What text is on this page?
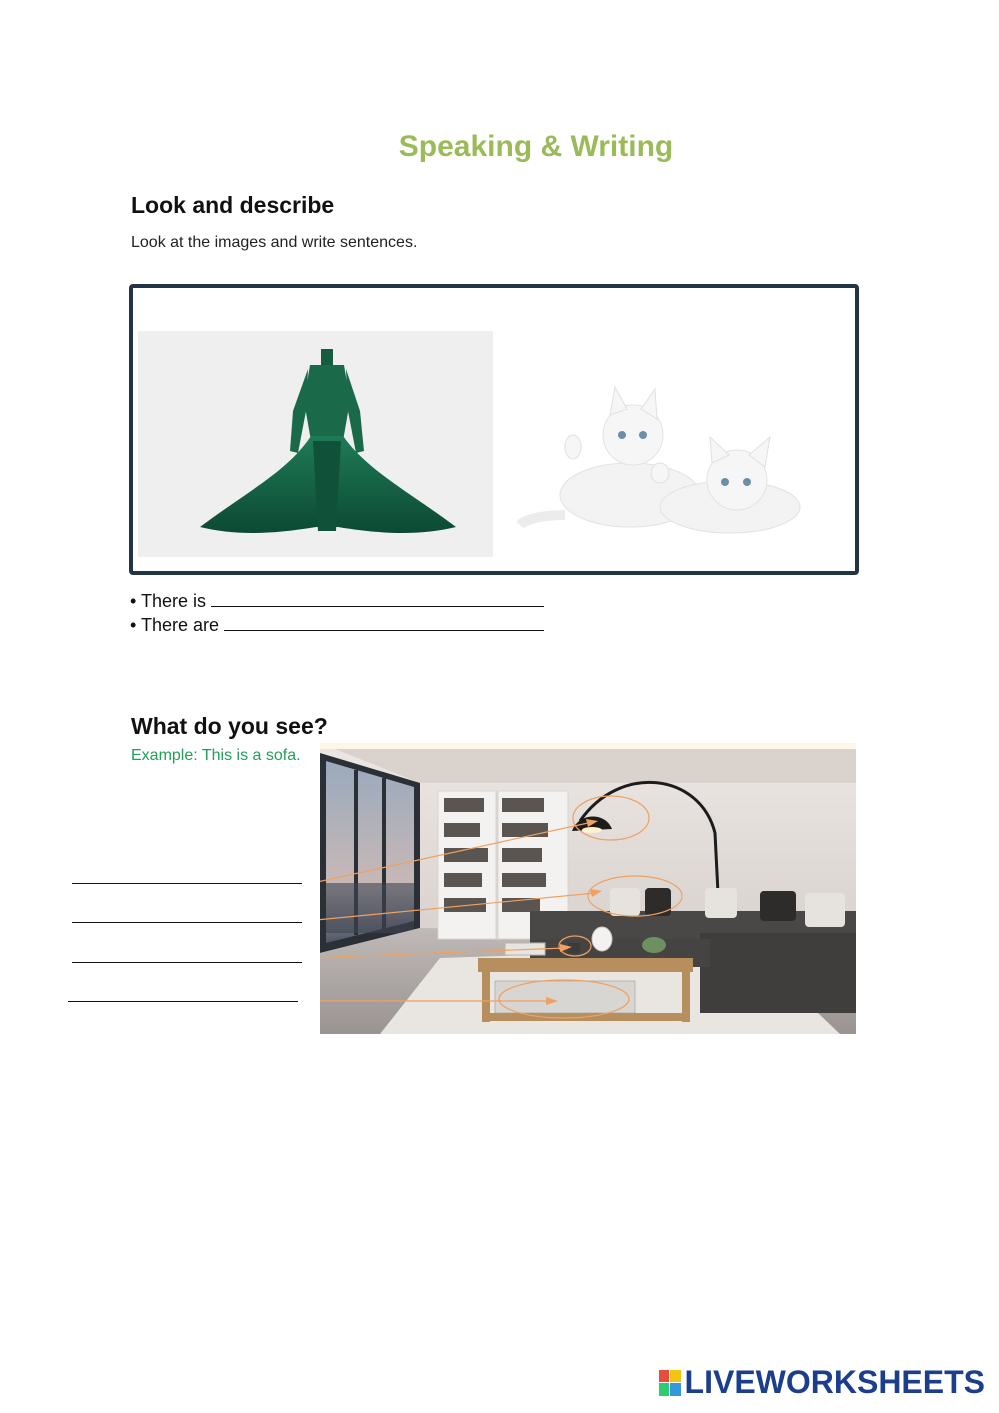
Speaking & Writing
Look and describe
Look at the images and write sentences.
• There is
• There are
What do you see?
Example: This is a sofa.
LIVEWORKSHEETS
